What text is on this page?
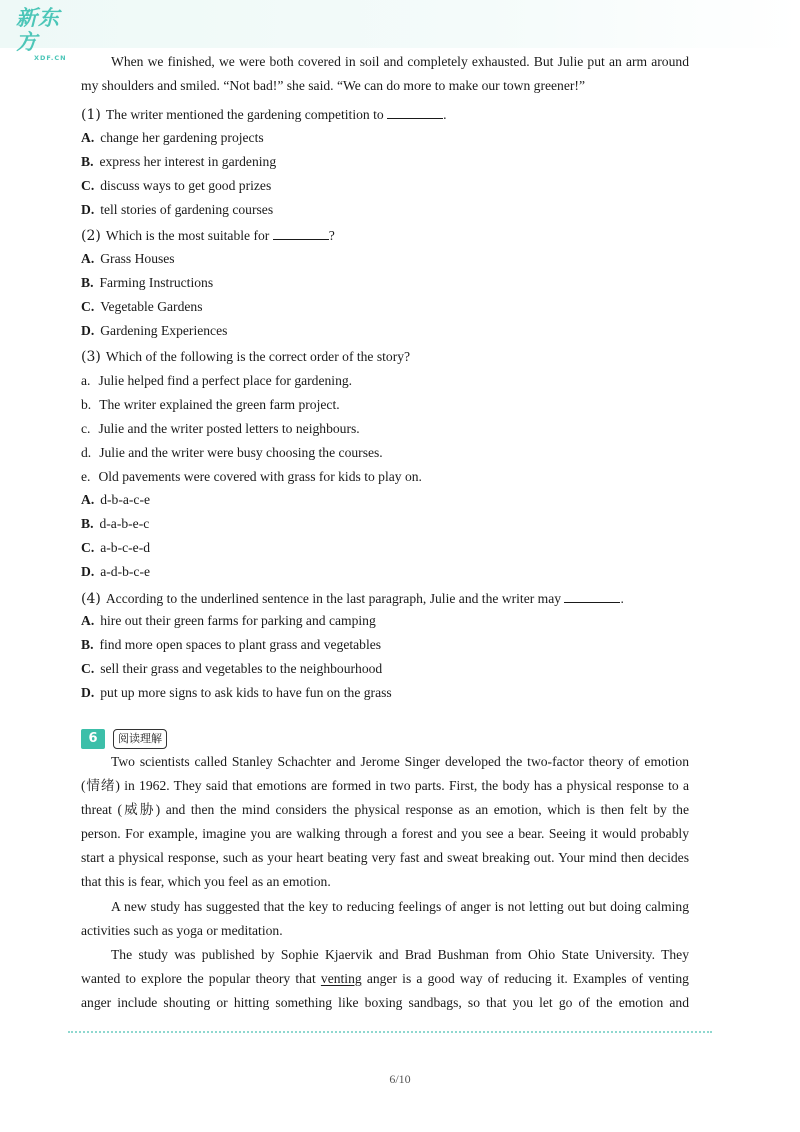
新东方
XDF.CN	When we finished, we were both covered in soil and completely exhausted. But Julie put an arm around
my shoulders and smiled. “Not bad!” she said. “We can do more to make our town greener!”
(1) The writer mentioned the gardening competition to	.
A. change her gardening projects
B. express her interest in gardening
C. discuss ways to get good prizes
D. tell stories of gardening courses
(2) Which is the most suitable for	?
A. Grass Houses
B. Farming Instructions
C. Vegetable Gardens
D. Gardening Experiences
(3) Which of the following is the correct order of the story?
a. Julie helped find a perfect place for gardening.
b. The writer explained the green farm project.
c. Julie and the writer posted letters to neighbours.
d. Julie and the writer were busy choosing the courses.
e. Old pavements were covered with grass for kids to play on.
A. d-b-a-c-e
B. d-a-b-e-c
C. a-b-c-e-d
D. a-d-b-c-e
(4) According to the underlined sentence in the last paragraph, Julie and the writer may	.
A. hire out their green farms for parking and camping
B. find more open spaces to plant grass and vegetables
C. sell their grass and vegetables to the neighbourhood
D. put up more signs to ask kids to have fun on the grass
6	阅读理解
Two scientists called Stanley Schachter and Jerome Singer developed the two-factor theory of emotion
(情绪) in 1962. They said that emotions are formed in two parts. First, the body has a physical response to a
threat (威胁) and then the mind considers the physical response as an emotion, which is then felt by the
person. For example, imagine you are walking through a forest and you see a bear. Seeing it would probably
start a physical response, such as your heart beating very fast and sweat breaking out. Your mind then decides
that this is fear, which you feel as an emotion.
A new study has suggested that the key to reducing feelings of anger is not letting out but doing calming
activities such as yoga or meditation.
The study was published by Sophie Kjaervik and Brad Bushman from Ohio State University. They
wanted to explore the popular theory that venting anger is a good way of reducing it. Examples of venting
anger include shouting or hitting something like boxing sandbags, so that you let go of the emotion and
6/10
